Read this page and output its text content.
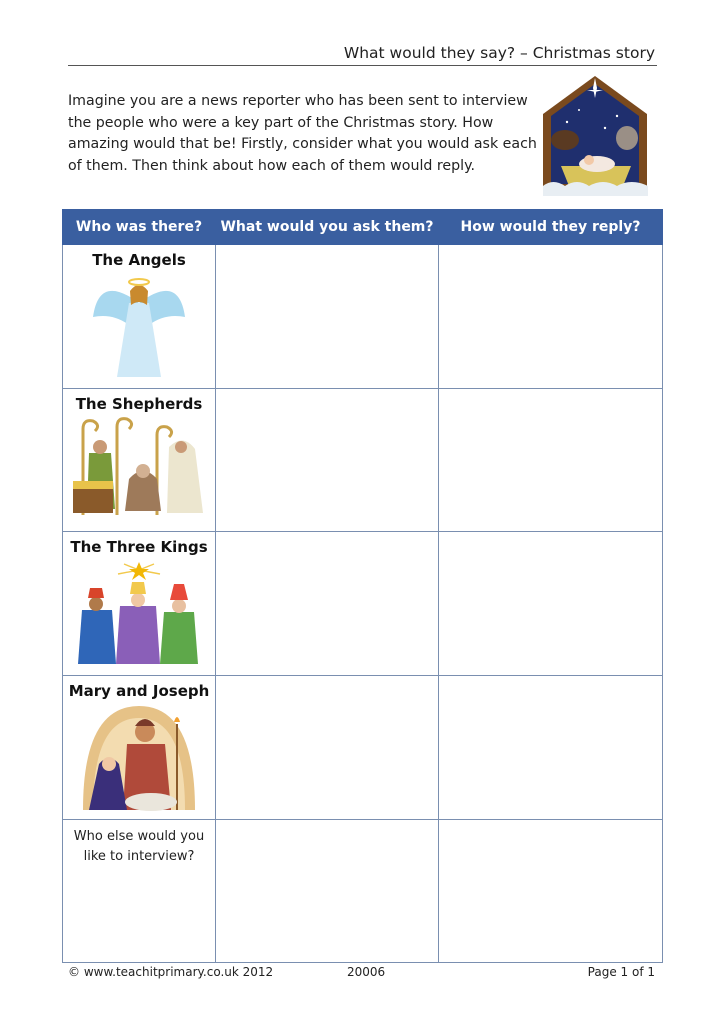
What would they say? – Christmas story
Imagine you are a news reporter who has been sent to interview the people who were a key part of the Christmas story. How amazing would that be! Firstly, consider what you would ask each of them. Then think about how each of them would reply.
Who was there?	What would you ask them?	How would they reply?

The Angels		

The Shepherds		

The Three Kings		

Mary and Joseph		

Who else would you like to interview?		

© www.teachitprimary.co.uk 2012	20006	Page 1 of 1
